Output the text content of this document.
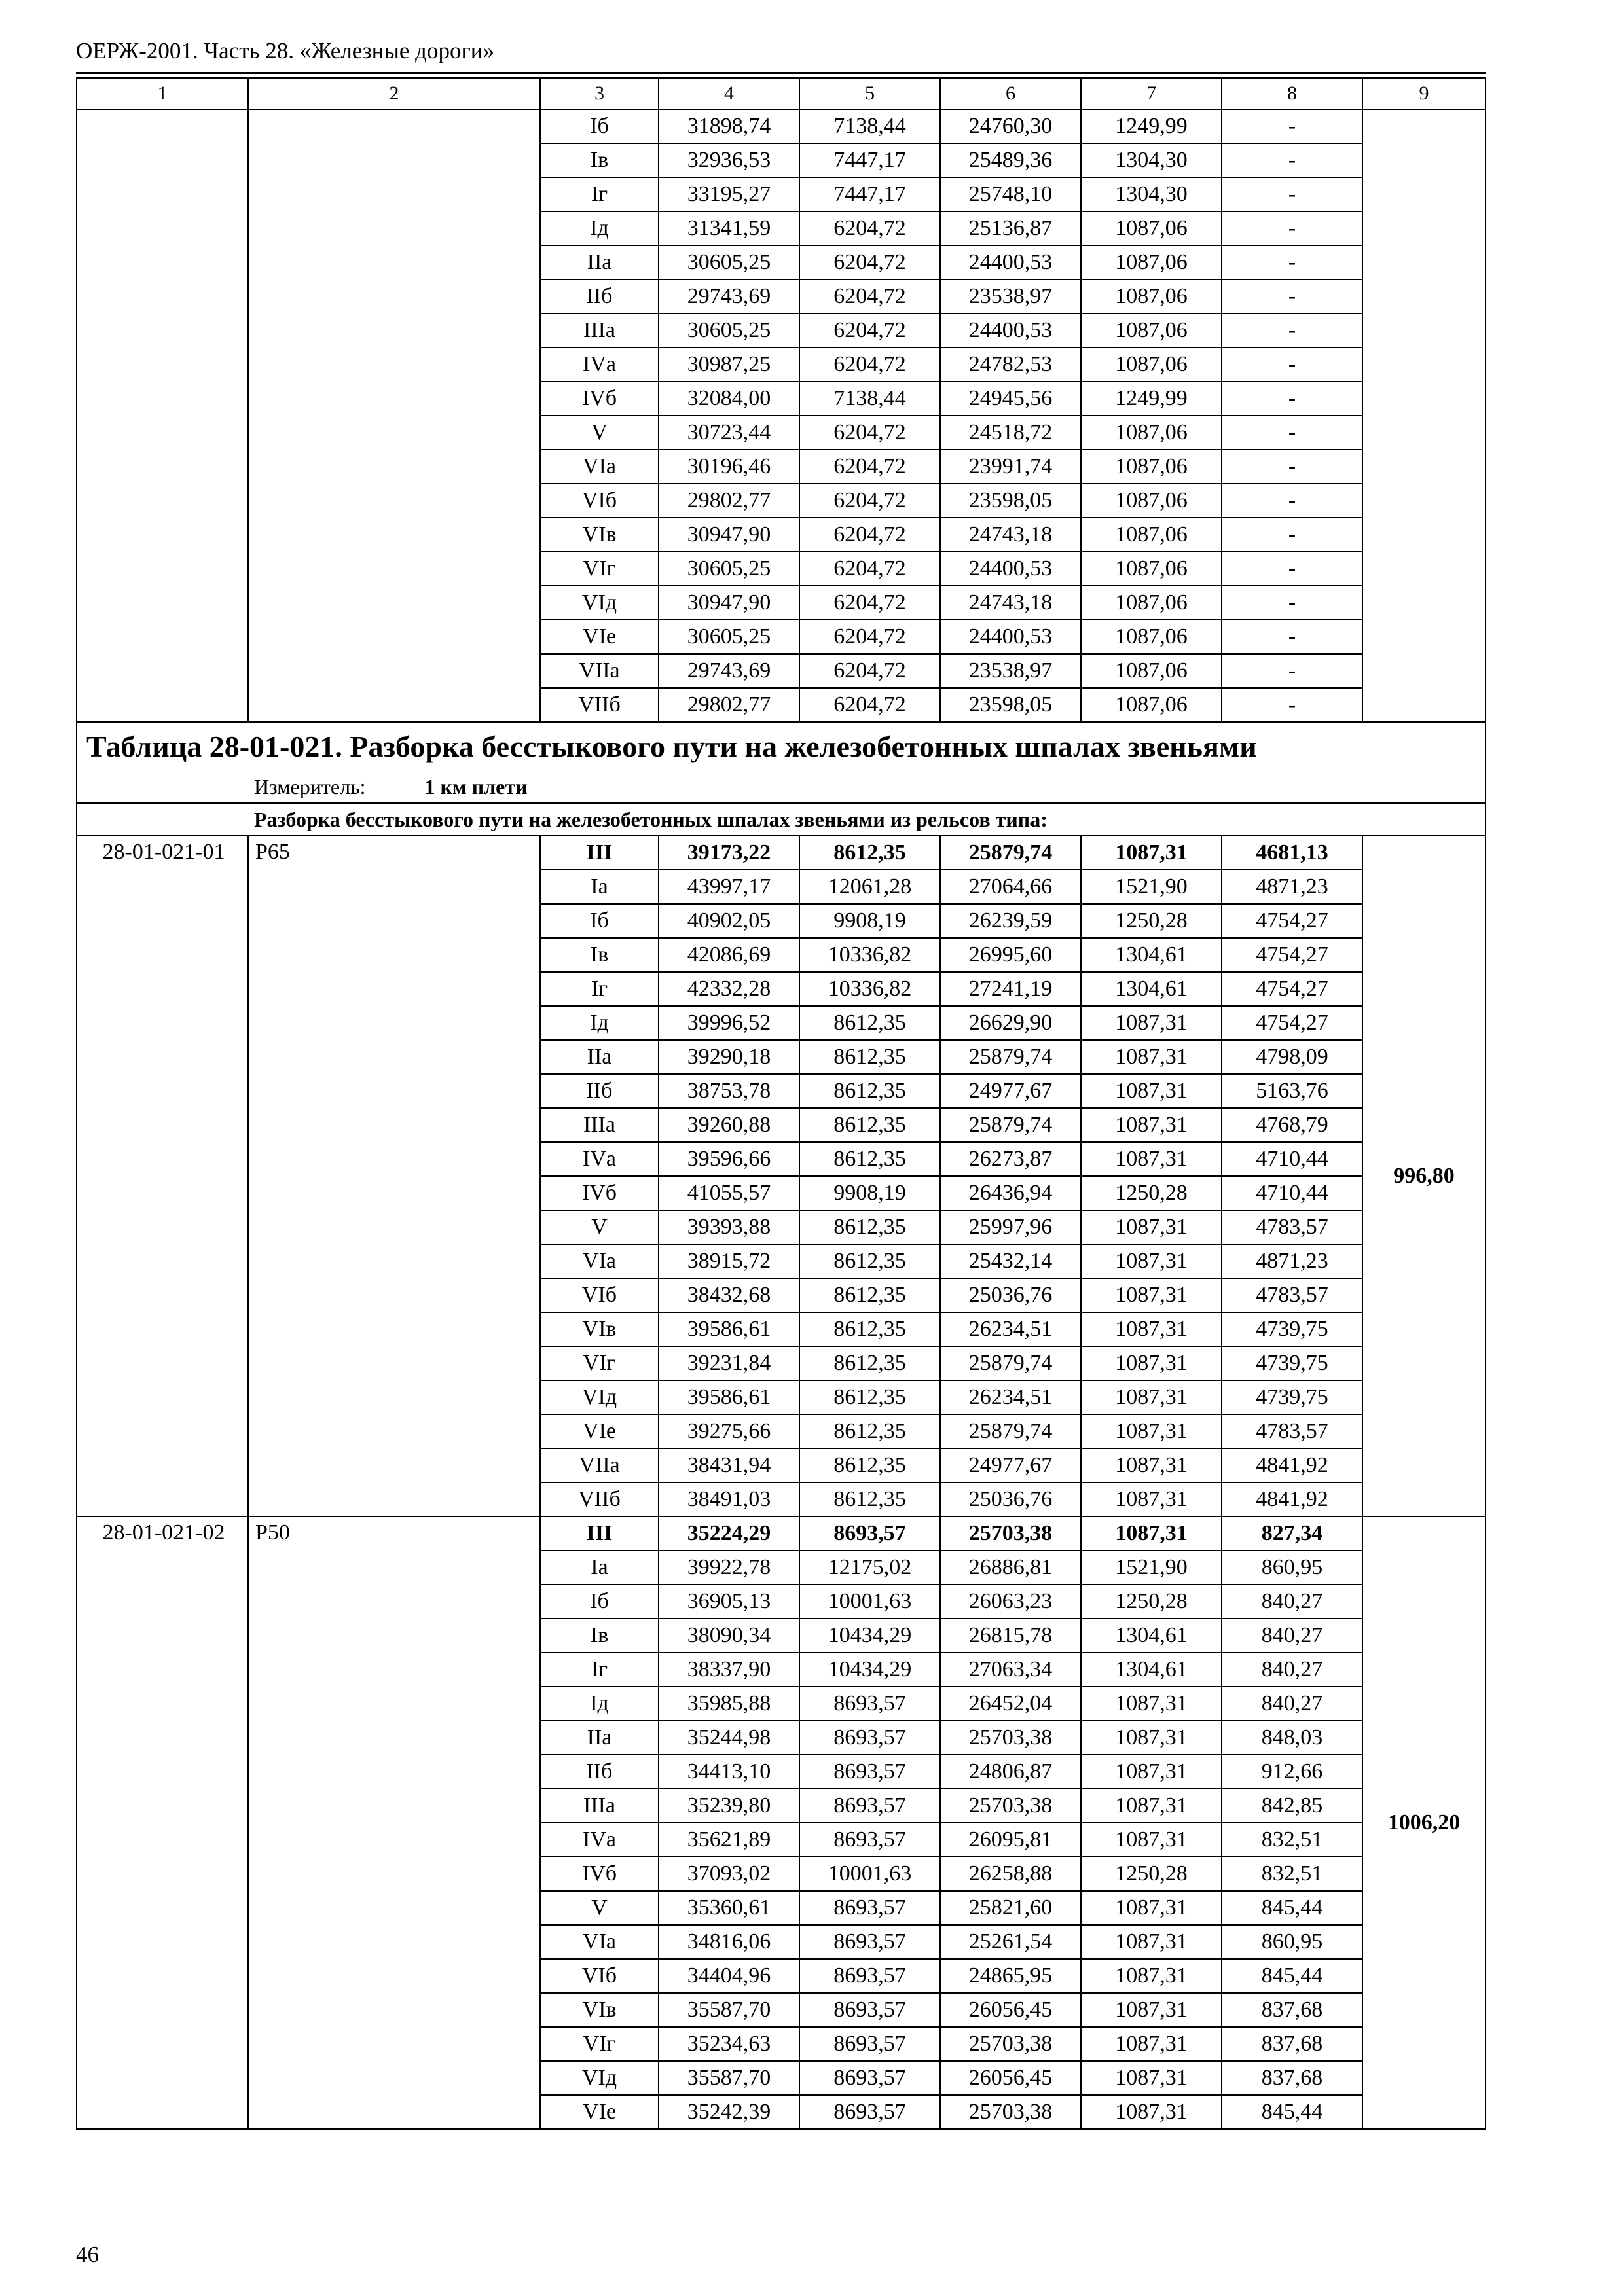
ОЕРЖ-2001. Часть 28. «Железные дороги»
1	2	3	4	5	6	7	8	9
		Iб	31898,74	7138,44	24760,30	1249,99	-	
		Iв	32936,53	7447,17	25489,36	1304,30	-	
		Iг	33195,27	7447,17	25748,10	1304,30	-	
		Iд	31341,59	6204,72	25136,87	1087,06	-	
		IIа	30605,25	6204,72	24400,53	1087,06	-	
		IIб	29743,69	6204,72	23538,97	1087,06	-	
		IIIа	30605,25	6204,72	24400,53	1087,06	-	
		IVа	30987,25	6204,72	24782,53	1087,06	-	
		IVб	32084,00	7138,44	24945,56	1249,99	-	
		V	30723,44	6204,72	24518,72	1087,06	-	
		VIа	30196,46	6204,72	23991,74	1087,06	-	
		VIб	29802,77	6204,72	23598,05	1087,06	-	
		VIв	30947,90	6204,72	24743,18	1087,06	-	
		VIг	30605,25	6204,72	24400,53	1087,06	-	
		VIд	30947,90	6204,72	24743,18	1087,06	-	
		VIе	30605,25	6204,72	24400,53	1087,06	-	
		VIIа	29743,69	6204,72	23538,97	1087,06	-	
		VIIб	29802,77	6204,72	23598,05	1087,06	-	
Таблица 28-01-021. Разборка бесстыкового пути на железобетонных шпалах звеньями								
Измеритель: 1 км плети								
Разборка бесстыкового пути на железобетонных шпалах звеньями из рельсов типа:								
28-01-021-01	Р65	III	39173,22	8612,35	25879,74	1087,31	4681,13	996,80
		Iа	43997,17	12061,28	27064,66	1521,90	4871,23	
		Iб	40902,05	9908,19	26239,59	1250,28	4754,27	
		Iв	42086,69	10336,82	26995,60	1304,61	4754,27	
		Iг	42332,28	10336,82	27241,19	1304,61	4754,27	
		Iд	39996,52	8612,35	26629,90	1087,31	4754,27	
		IIа	39290,18	8612,35	25879,74	1087,31	4798,09	
		IIб	38753,78	8612,35	24977,67	1087,31	5163,76	
		IIIа	39260,88	8612,35	25879,74	1087,31	4768,79	
		IVа	39596,66	8612,35	26273,87	1087,31	4710,44	
		IVб	41055,57	9908,19	26436,94	1250,28	4710,44	
		V	39393,88	8612,35	25997,96	1087,31	4783,57	
		VIа	38915,72	8612,35	25432,14	1087,31	4871,23	
		VIб	38432,68	8612,35	25036,76	1087,31	4783,57	
		VIв	39586,61	8612,35	26234,51	1087,31	4739,75	
		VIг	39231,84	8612,35	25879,74	1087,31	4739,75	
		VIд	39586,61	8612,35	26234,51	1087,31	4739,75	
		VIе	39275,66	8612,35	25879,74	1087,31	4783,57	
		VIIа	38431,94	8612,35	24977,67	1087,31	4841,92	
		VIIб	38491,03	8612,35	25036,76	1087,31	4841,92	
28-01-021-02	Р50	III	35224,29	8693,57	25703,38	1087,31	827,34	1006,20
		Iа	39922,78	12175,02	26886,81	1521,90	860,95	
		Iб	36905,13	10001,63	26063,23	1250,28	840,27	
		Iв	38090,34	10434,29	26815,78	1304,61	840,27	
		Iг	38337,90	10434,29	27063,34	1304,61	840,27	
		Iд	35985,88	8693,57	26452,04	1087,31	840,27	
		IIа	35244,98	8693,57	25703,38	1087,31	848,03	
		IIб	34413,10	8693,57	24806,87	1087,31	912,66	
		IIIа	35239,80	8693,57	25703,38	1087,31	842,85	
		IVа	35621,89	8693,57	26095,81	1087,31	832,51	
		IVб	37093,02	10001,63	26258,88	1250,28	832,51	
		V	35360,61	8693,57	25821,60	1087,31	845,44	
		VIа	34816,06	8693,57	25261,54	1087,31	860,95	
		VIб	34404,96	8693,57	24865,95	1087,31	845,44	
		VIв	35587,70	8693,57	26056,45	1087,31	837,68	
		VIг	35234,63	8693,57	25703,38	1087,31	837,68	
		VIд	35587,70	8693,57	26056,45	1087,31	837,68	
		VIе	35242,39	8693,57	25703,38	1087,31	845,44	
46
